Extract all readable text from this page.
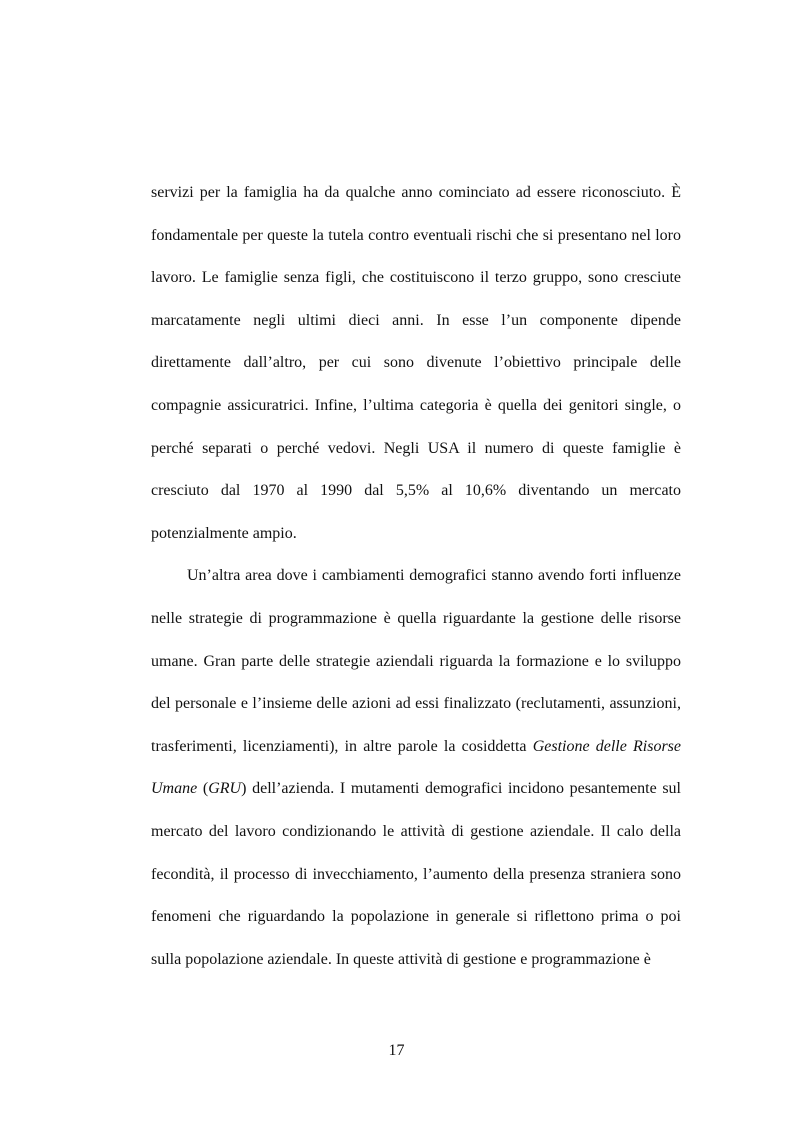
servizi per la famiglia ha da qualche anno cominciato ad essere riconosciuto. È fondamentale per queste la tutela contro eventuali rischi che si presentano nel loro lavoro. Le famiglie senza figli, che costituiscono il terzo gruppo, sono cresciute marcatamente negli ultimi dieci anni. In esse l’un componente dipende direttamente dall’altro, per cui sono divenute l’obiettivo principale delle compagnie assicuratrici. Infine, l’ultima categoria è quella dei genitori single, o perché separati o perché vedovi. Negli USA il numero di queste famiglie è cresciuto dal 1970 al 1990 dal 5,5% al 10,6% diventando un mercato potenzialmente ampio.

Un’altra area dove i cambiamenti demografici stanno avendo forti influenze nelle strategie di programmazione è quella riguardante la gestione delle risorse umane. Gran parte delle strategie aziendali riguarda la formazione e lo sviluppo del personale e l’insieme delle azioni ad essi finalizzato (reclutamenti, assunzioni, trasferimenti, licenziamenti), in altre parole la cosiddetta Gestione delle Risorse Umane (GRU) dell’azienda. I mutamenti demografici incidono pesantemente sul mercato del lavoro condizionando le attività di gestione aziendale. Il calo della fecondità, il processo di invecchiamento, l’aumento della presenza straniera sono fenomeni che riguardando la popolazione in generale si riflettono prima o poi sulla popolazione aziendale. In queste attività di gestione e programmazione è

17
